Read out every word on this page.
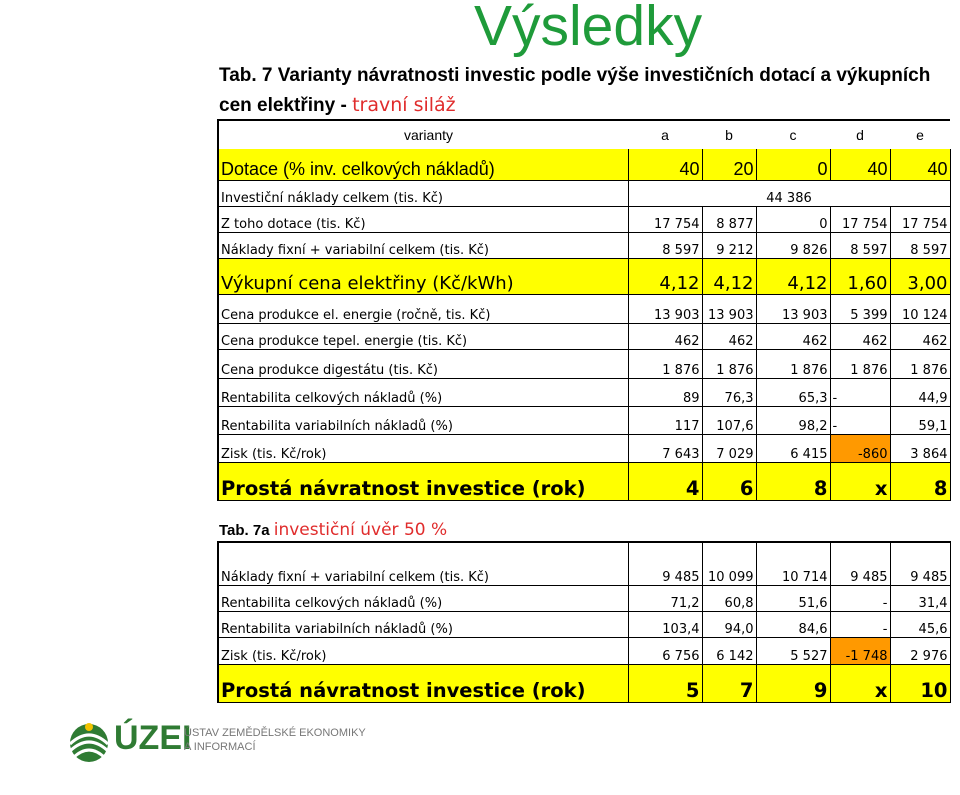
Výsledky
Tab. 7 Varianty návratnosti investic podle výše investičních dotací a výkupních
cen elektřiny - travní siláž
varianty	a	b	c	d	e
Dotace (% inv. celkových nákladů)	40	20	0	40	40
Investiční náklady celkem (tis. Kč)	44 386				
Z toho dotace (tis. Kč)	17 754	8 877	0	17 754	17 754
Náklady fixní + variabilní celkem (tis. Kč)	8 597	9 212	9 826	8 597	8 597
Výkupní cena elektřiny (Kč/kWh)	4,12	4,12	4,12	1,60	3,00
Cena produkce el. energie (ročně, tis. Kč)	13 903	13 903	13 903	5 399	10 124
Cena produkce tepel. energie (tis. Kč)	462	462	462	462	462
Cena produkce digestátu (tis. Kč)	1 876	1 876	1 876	1 876	1 876
Rentabilita celkových nákladů (%)	89	76,3	65,3	-	44,9
Rentabilita variabilních nákladů (%)	117	107,6	98,2	-	59,1
Zisk (tis. Kč/rok)	7 643	7 029	6 415	-860	3 864
Prostá návratnost investice (rok)	4	6	8	x	8
Tab. 7a investiční úvěr 50 %

Náklady fixní + variabilní celkem (tis. Kč)	9 485	10 099	10 714	9 485	9 485
Rentabilita celkových nákladů (%)	71,2	60,8	51,6	-	31,4
Rentabilita variabilních nákladů (%)	103,4	94,0	84,6	-	45,6
Zisk (tis. Kč/rok)	6 756	6 142	5 527	-1 748	2 976
Prostá návratnost investice (rok)	5	7	9	x	10
ÚZEI
ÚSTAV ZEMĚDĚLSKÉ EKONOMIKY
A INFORMACÍ
